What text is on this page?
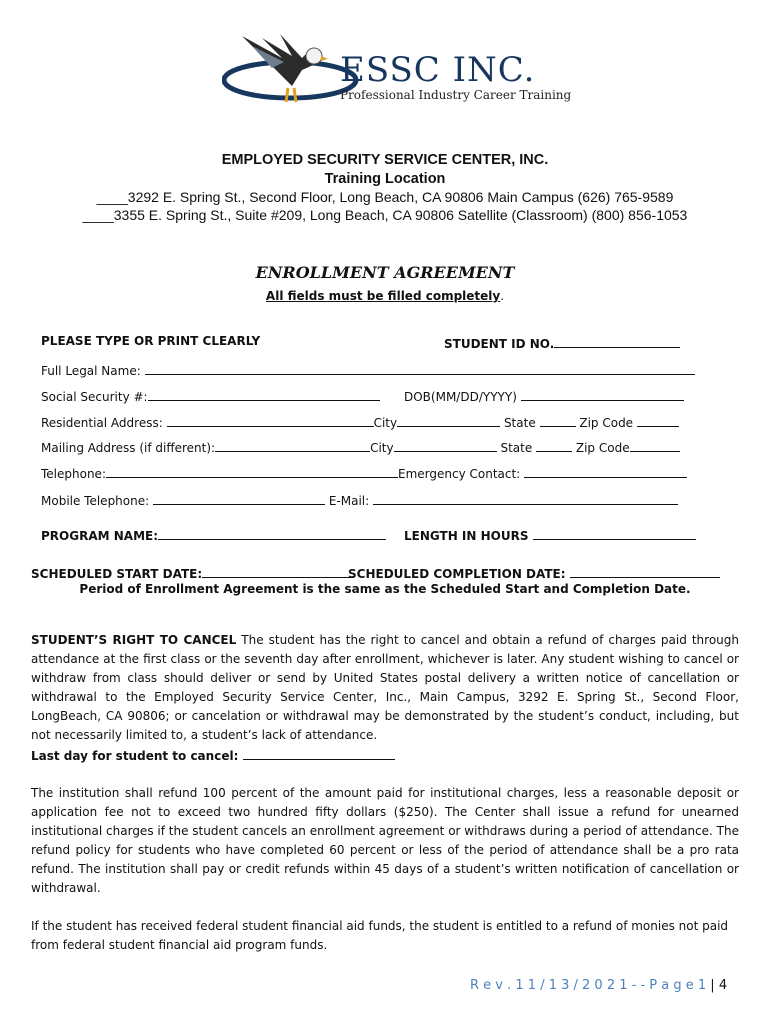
ESSC INC.
Professional Industry Career Training
EMPLOYED SECURITY SERVICE CENTER, INC.
Training Location
____3292 E. Spring St., Second Floor, Long Beach, CA 90806 Main Campus (626) 765-9589
____3355 E. Spring St., Suite #209, Long Beach, CA 90806 Satellite (Classroom) (800) 856-1053
ENROLLMENT AGREEMENT
All fields must be filled completely.
PLEASE TYPE OR PRINT CLEARLY	STUDENT ID NO.
Full Legal Name:
Social Security #:	DOB(MM/DD/YYYY)
Residential Address:	City	State	Zip Code
Mailing Address (if different):	City	State	Zip Code
Telephone:	Emergency Contact:
Mobile Telephone:	E-Mail:
PROGRAM NAME:	LENGTH IN HOURS
SCHEDULED START DATE:	SCHEDULED COMPLETION DATE:
Period of Enrollment Agreement is the same as the Scheduled Start and Completion Date.
STUDENT’S RIGHT TO CANCEL The student has the right to cancel and obtain a refund of charges paid through attendance at the first class or the seventh day after enrollment, whichever is later. Any student wishing to cancel or withdraw from class should deliver or send by United States postal delivery a written notice of cancellation or withdrawal to the Employed Security Service Center, Inc., Main Campus, 3292 E. Spring St., Second Floor, LongBeach, CA 90806; or cancelation or withdrawal may be demonstrated by the student’s conduct, including, but not necessarily limited to, a student’s lack of attendance.
Last day for student to cancel:
The institution shall refund 100 percent of the amount paid for institutional charges, less a reasonable deposit or application fee not to exceed two hundred fifty dollars ($250). The Center shall issue a refund for unearned institutional charges if the student cancels an enrollment agreement or withdraws during a period of attendance. The refund policy for students who have completed 60 percent or less of the period of attendance shall be a pro rata refund. The institution shall pay or credit refunds within 45 days of a student’s written notification of cancellation or withdrawal.
If the student has received federal student financial aid funds, the student is entitled to a refund of monies not paid from federal student financial aid program funds.
R e v . 1 1 / 1 3 / 2 0 2 1 - - P a g e 1 | 4
